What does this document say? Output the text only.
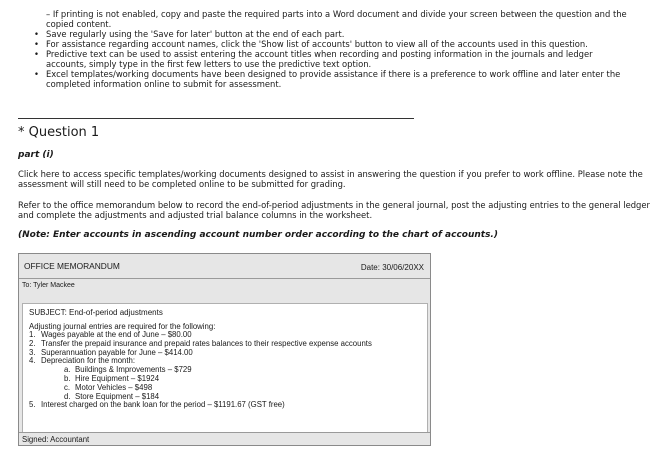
– If printing is not enabled, copy and paste the required parts into a Word document and divide your screen between the question and the copied content.
• Save regularly using the 'Save for later' button at the end of each part.
• For assistance regarding account names, click the 'Show list of accounts' button to view all of the accounts used in this question.
• Predictive text can be used to assist entering the account titles when recording and posting information in the journals and ledger accounts, simply type in the first few letters to use the predictive text option.
• Excel templates/working documents have been designed to provide assistance if there is a preference to work offline and later enter the completed information online to submit for assessment.
* Question 1
part (i)
Click here to access specific templates/working documents designed to assist in answering the question if you prefer to work offline. Please note the assessment will still need to be completed online to be submitted for grading.
Refer to the office memorandum below to record the end-of-period adjustments in the general journal, post the adjusting entries to the general ledger and complete the adjustments and adjusted trial balance columns in the worksheet.
(Note: Enter accounts in ascending account number order according to the chart of accounts.)
OFFICE MEMORANDUM	Date: 30/06/20XX
To: Tyler Mackee
SUBJECT: End-of-period adjustments
Adjusting journal entries are required for the following:
1. Wages payable at the end of June – $80.00
2. Transfer the prepaid insurance and prepaid rates balances to their respective expense accounts
3. Superannuation payable for June – $414.00
4. Depreciation for the month:
a. Buildings & Improvements – $729
b. Hire Equipment – $1924
c. Motor Vehicles – $498
d. Store Equipment – $184
5. Interest charged on the bank loan for the period – $1191.67 (GST free)
Signed: Accountant
